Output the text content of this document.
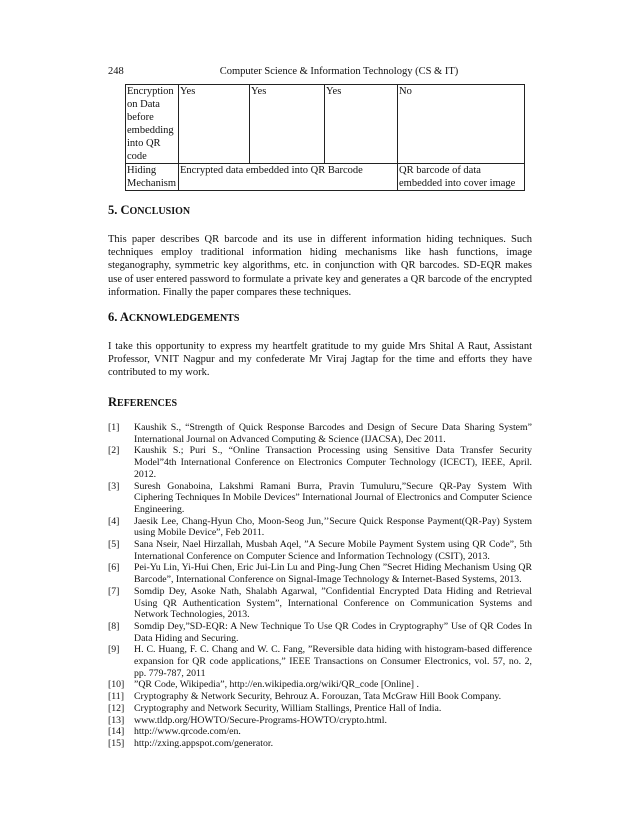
248	Computer Science & Information Technology (CS & IT)
Encryption on Data before embedding into QR code	Yes	Yes	Yes	No
Hiding Mechanism	Encrypted data embedded into QR Barcode			QR barcode of data embedded into cover image
5. CONCLUSION

This paper describes QR barcode and its use in different information hiding techniques. Such techniques employ traditional information hiding mechanisms like hash functions, image steganography, symmetric key algorithms, etc. in conjunction with QR barcodes. SD-EQR makes use of user entered password to formulate a private key and generates a QR barcode of the encrypted information. Finally the paper compares these techniques.

6. ACKNOWLEDGEMENTS

I take this opportunity to express my heartfelt gratitude to my guide Mrs Shital A Raut, Assistant Professor, VNIT Nagpur and my confederate Mr Viraj Jagtap for the time and efforts they have contributed to my work.

REFERENCES
[1]	Kaushik S., “Strength of Quick Response Barcodes and Design of Secure Data Sharing System” International Journal on Advanced Computing & Science (IJACSA), Dec 2011.
[2]	Kaushik S.; Puri S., “Online Transaction Processing using Sensitive Data Transfer Security Model”4th International Conference on Electronics Computer Technology (ICECT), IEEE, April. 2012.
[3]	Suresh Gonaboina, Lakshmi Ramani Burra, Pravin Tumuluru,”Secure QR-Pay System With Ciphering Techniques In Mobile Devices” International Journal of Electronics and Computer Science Engineering.
[4]	Jaesik Lee, Chang-Hyun Cho, Moon-Seog Jun,’’Secure Quick Response Payment(QR-Pay) System using Mobile Device”, Feb 2011.
[5]	Sana Nseir, Nael Hirzallah, Musbah Aqel, ”A Secure Mobile Payment System using QR Code”, 5th International Conference on Computer Science and Information Technology (CSIT), 2013.
[6]	Pei-Yu Lin, Yi-Hui Chen, Eric Jui-Lin Lu and Ping-Jung Chen ”Secret Hiding Mechanism Using QR Barcode”, International Conference on Signal-Image Technology & Internet-Based Systems, 2013.
[7]	Somdip Dey, Asoke Nath, Shalabh Agarwal, ”Confidential Encrypted Data Hiding and Retrieval Using QR Authentication System”, International Conference on Communication Systems and Network Technologies, 2013.
[8]	Somdip Dey,”SD-EQR: A New Technique To Use QR Codes in Cryptography” Use of QR Codes In Data Hiding and Securing.
[9]	H. C. Huang, F. C. Chang and W. C. Fang, ”Reversible data hiding with histogram-based difference expansion for QR code applications,” IEEE Transactions on Consumer Electronics, vol. 57, no. 2, pp. 779-787, 2011
[10] ”QR Code, Wikipedia”, http://en.wikipedia.org/wiki/QR_code [Online] .
[11]	Cryptography & Network Security, Behrouz A. Forouzan, Tata McGraw Hill Book Company.
[12] Cryptography and Network Security, William Stallings, Prentice Hall of India.
[13] www.tldp.org/HOWTO/Secure-Programs-HOWTO/crypto.html.
[14] http://www.qrcode.com/en.
[15] http://zxing.appspot.com/generator.
